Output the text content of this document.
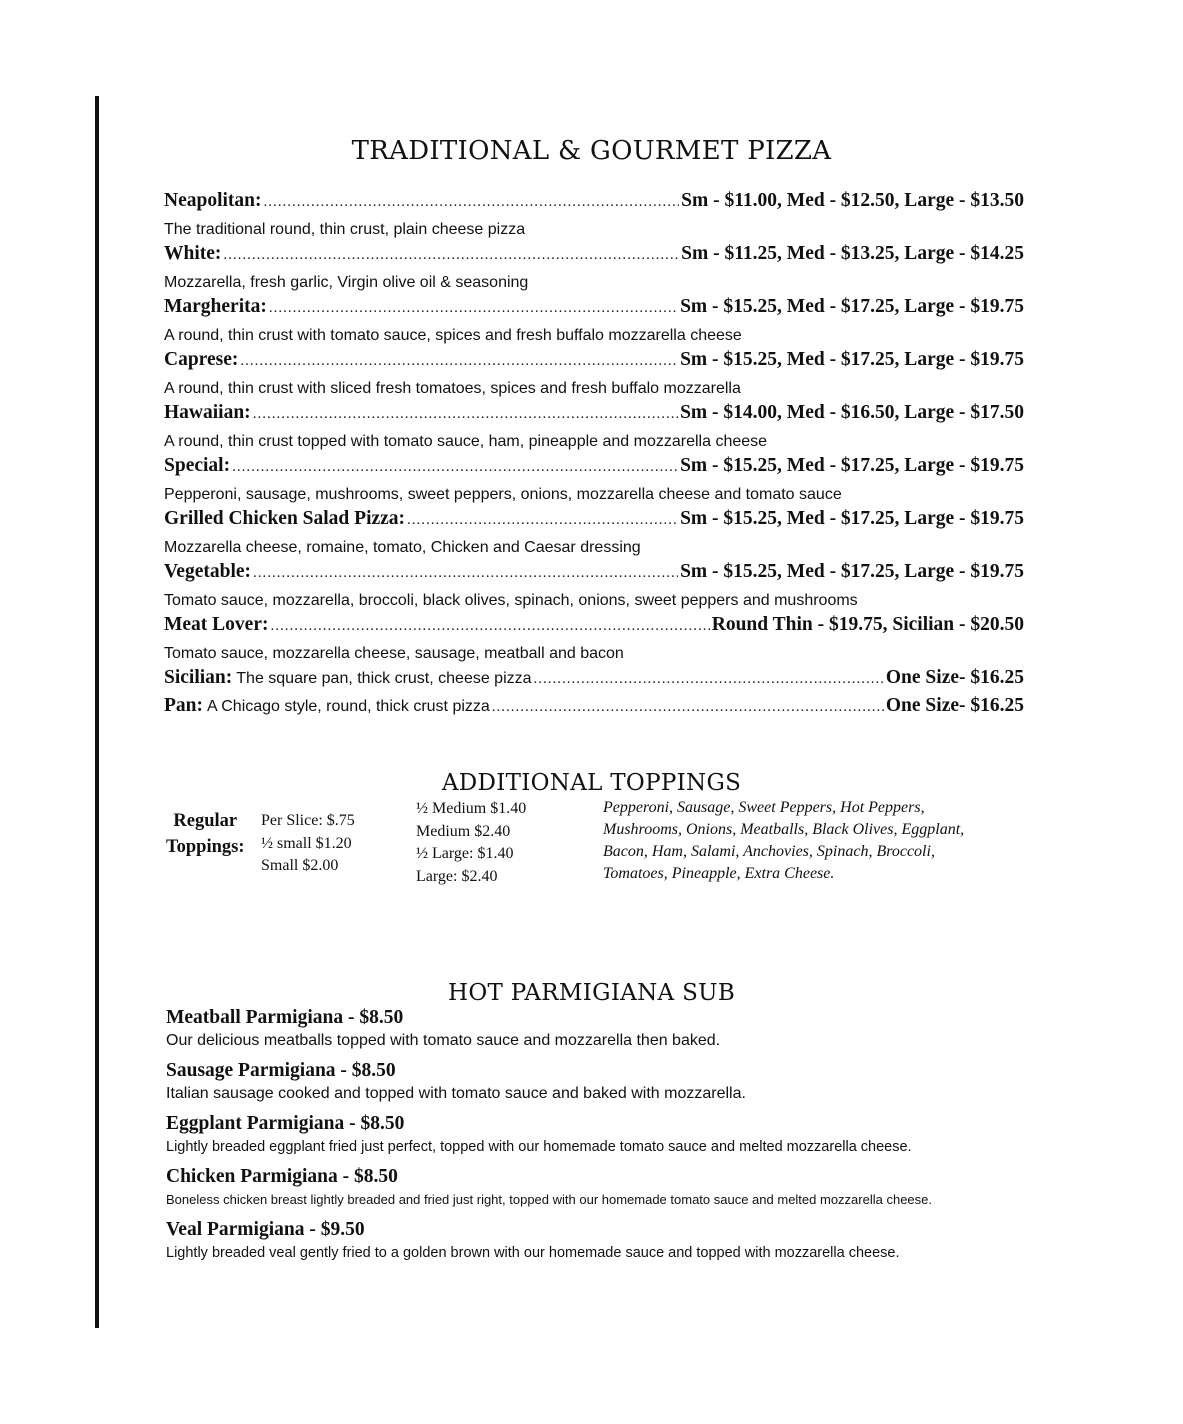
TRADITIONAL & GOURMET PIZZA
Neapolitan: .....	Sm - $11.00, Med - $12.50, Large - $13.50
The traditional round, thin crust, plain cheese pizza
White: .....	Sm - $11.25, Med - $13.25, Large - $14.25
Mozzarella, fresh garlic, Virgin olive oil & seasoning
Margherita: .....	Sm - $15.25, Med - $17.25, Large - $19.75
A round, thin crust with tomato sauce, spices and fresh buffalo mozzarella cheese
Caprese: .....	Sm - $15.25, Med - $17.25, Large - $19.75
A round, thin crust with sliced fresh tomatoes, spices and fresh buffalo mozzarella
Hawaiian: .....	Sm - $14.00, Med - $16.50, Large - $17.50
A round, thin crust topped with tomato sauce, ham, pineapple and mozzarella cheese
Special: .....	Sm - $15.25, Med - $17.25, Large - $19.75
Pepperoni, sausage, mushrooms, sweet peppers, onions, mozzarella cheese and tomato sauce
Grilled Chicken Salad Pizza: .....	Sm - $15.25, Med - $17.25, Large - $19.75
Mozzarella cheese, romaine, tomato, Chicken and Caesar dressing
Vegetable: .....	Sm - $15.25, Med - $17.25, Large - $19.75
Tomato sauce, mozzarella, broccoli, black olives, spinach, onions, sweet peppers and mushrooms
Meat Lover: .....	Round Thin - $19.75, Sicilian - $20.50
Tomato sauce, mozzarella cheese, sausage, meatball and bacon
Sicilian: The square pan, thick crust, cheese pizza .....	One Size- $16.25
Pan: A Chicago style, round, thick crust pizza .....	One Size- $16.25
ADDITIONAL TOPPINGS
Regular
Toppings:
Per Slice: $.75
½ small $1.20
Small $2.00
½ Medium $1.40
Medium $2.40
½ Large: $1.40
Large: $2.40
Pepperoni, Sausage, Sweet Peppers, Hot Peppers,
Mushrooms, Onions, Meatballs, Black Olives, Eggplant,
Bacon, Ham, Salami, Anchovies, Spinach, Broccoli,
Tomatoes, Pineapple, Extra Cheese.
HOT PARMIGIANA SUB
Meatball Parmigiana - $8.50
Our delicious meatballs topped with tomato sauce and mozzarella then baked.
Sausage Parmigiana - $8.50
Italian sausage cooked and topped with tomato sauce and baked with mozzarella.
Eggplant Parmigiana - $8.50
Lightly breaded eggplant fried just perfect, topped with our homemade tomato sauce and melted mozzarella cheese.
Chicken Parmigiana - $8.50
Boneless chicken breast lightly breaded and fried just right, topped with our homemade tomato sauce and melted mozzarella cheese.
Veal Parmigiana - $9.50
Lightly breaded veal gently fried to a golden brown with our homemade sauce and topped with mozzarella cheese.
